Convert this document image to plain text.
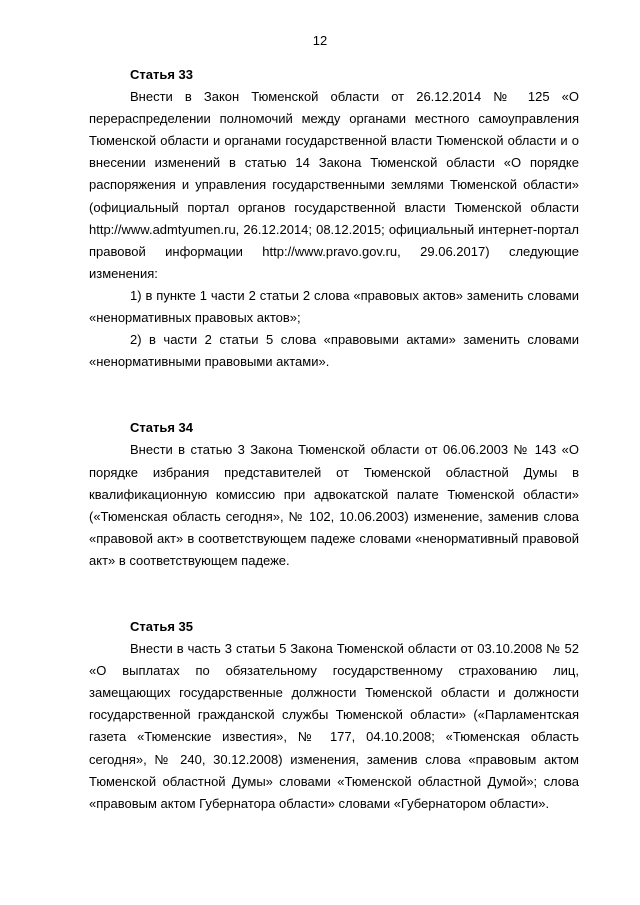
12

Статья 33

Внести в Закон Тюменской области от 26.12.2014 № 125 «О перераспределении полномочий между органами местного самоуправления Тюменской области и органами государственной власти Тюменской области и о внесении изменений в статью 14 Закона Тюменской области «О порядке распоряжения и управления государственными землями Тюменской области» (официальный портал органов государственной власти Тюменской области http://www.admtyumen.ru, 26.12.2014; 08.12.2015; официальный интернет-портал правовой информации http://www.pravo.gov.ru, 29.06.2017) следующие изменения:

1) в пункте 1 части 2 статьи 2 слова «правовых актов» заменить словами «ненормативных правовых актов»;

2) в части 2 статьи 5 слова «правовыми актами» заменить словами «ненормативными правовыми актами».

Статья 34

Внести в статью 3 Закона Тюменской области от 06.06.2003 № 143 «О порядке избрания представителей от Тюменской областной Думы в квалификационную комиссию при адвокатской палате Тюменской области» («Тюменская область сегодня», № 102, 10.06.2003) изменение, заменив слова «правовой акт» в соответствующем падеже словами «ненормативный правовой акт» в соответствующем падеже.

Статья 35

Внести в часть 3 статьи 5 Закона Тюменской области от 03.10.2008 № 52 «О выплатах по обязательному государственному страхованию лиц, замещающих государственные должности Тюменской области и должности государственной гражданской службы Тюменской области» («Парламентская газета «Тюменские известия», № 177, 04.10.2008; «Тюменская область сегодня», № 240, 30.12.2008) изменения, заменив слова «правовым актом Тюменской областной Думы» словами «Тюменской областной Думой»; слова «правовым актом Губернатора области» словами «Губернатором области».
